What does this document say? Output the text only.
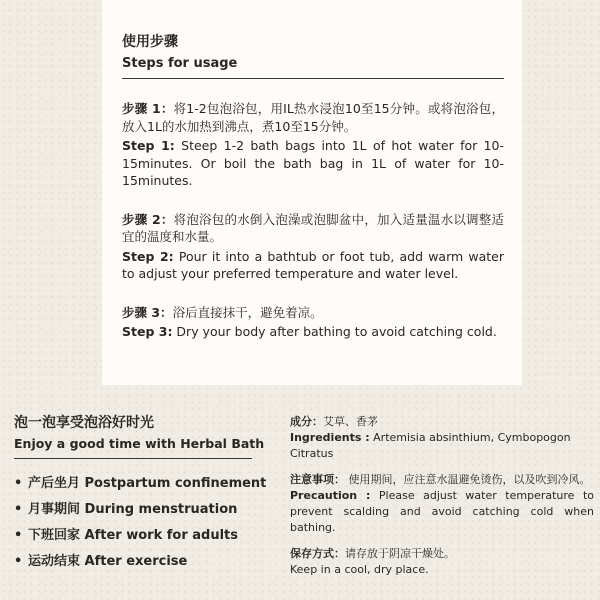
使用步骤
Steps for usage
步骤 1：将1-2包泡浴包，用IL热水浸泡10至15分钟。或将泡浴包，放入1L的水加热到沸点，煮10至15分钟。
Step 1: Steep 1-2 bath bags into 1L of hot water for 10-15minutes. Or boil the bath bag in 1L of water for 10-15minutes.
步骤 2：将泡浴包的水倒入泡澡或泡脚盆中，加入适量温水以调整适宜的温度和水量。
Step 2: Pour it into a bathtub or foot tub, add warm water to adjust your preferred temperature and water level.
步骤 3：浴后直接抹干，避免着凉。
Step 3: Dry your body after bathing to avoid catching cold.
泡一泡享受泡浴好时光
Enjoy a good time with Herbal Bath
• 产后坐月 Postpartum confinement
• 月事期间 During menstruation
• 下班回家 After work for adults
• 运动结束 After exercise
成分：艾草、香茅
Ingredients : Artemisia absinthium, Cymbopogon Citratus
注意事项： 使用期间，应注意水温避免烫伤，以及吹到冷风。
Precaution : Please adjust water temperature to prevent scalding and avoid catching cold when bathing.
保存方式：请存放于阴凉干燥处。
Keep in a cool, dry place.
